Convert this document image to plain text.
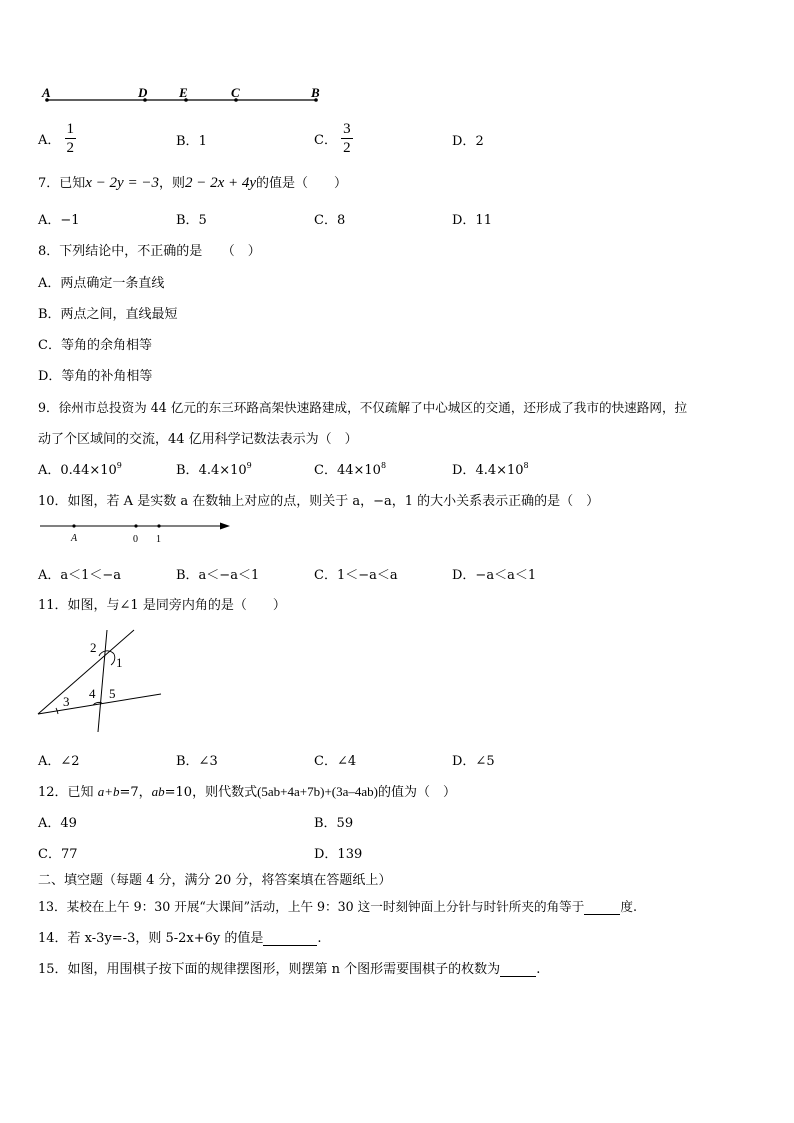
A	D E	C	B
A． $\frac{1}{2}$	B．1	C． $\frac{3}{2}$	D．2
7．已知x − 2y = −3，则2 − 2x + 4y的值是（　　）
A．−1	B．5	C．8	D．11
8．下列结论中，不正确的是　　（　）
A．两点确定一条直线
B．两点之间，直线最短
C．等角的余角相等
D．等角的补角相等
9．徐州市总投资为 44 亿元的东三环路高架快速路建成，不仅疏解了中心城区的交通，还形成了我市的快速路网，拉
动了个区域间的交流，44 亿用科学记数法表示为（　）
A．$0.44\times 10^9$	B．$4.4\times 10^9$	C．$44\times 10^8$	D．$4.4\times 10^8$
10．如图，若 A 是实数 a 在数轴上对应的点，则关于 a，−a，1 的大小关系表示正确的是（　）
A	0 1
A．a＜1＜−a	B．a＜−a＜1	C．1＜−a＜a	D．−a＜a＜1
11．如图，与∠1 是同旁内角的是（　　）
2
1
3
4 5
A．∠2	B．∠3	C．∠4	D．∠5
12．已知 a+b=7，ab=10，则代数式(5ab+4a+7b)+(3a–4ab)的值为（　）
A．49	B．59
C．77	D．139
二、填空题（每题 4 分，满分 20 分，将答案填在答题纸上）
13．某校在上午 9：30 开展“大课间”活动，上午 9：30 这一时刻钟面上分针与时针所夹的角等于	度.
14．若 x-3y=-3，则 5-2x+6y 的值是	.
15．如图，用围棋子按下面的规律摆图形，则摆第 n 个图形需要围棋子的枚数为	.
